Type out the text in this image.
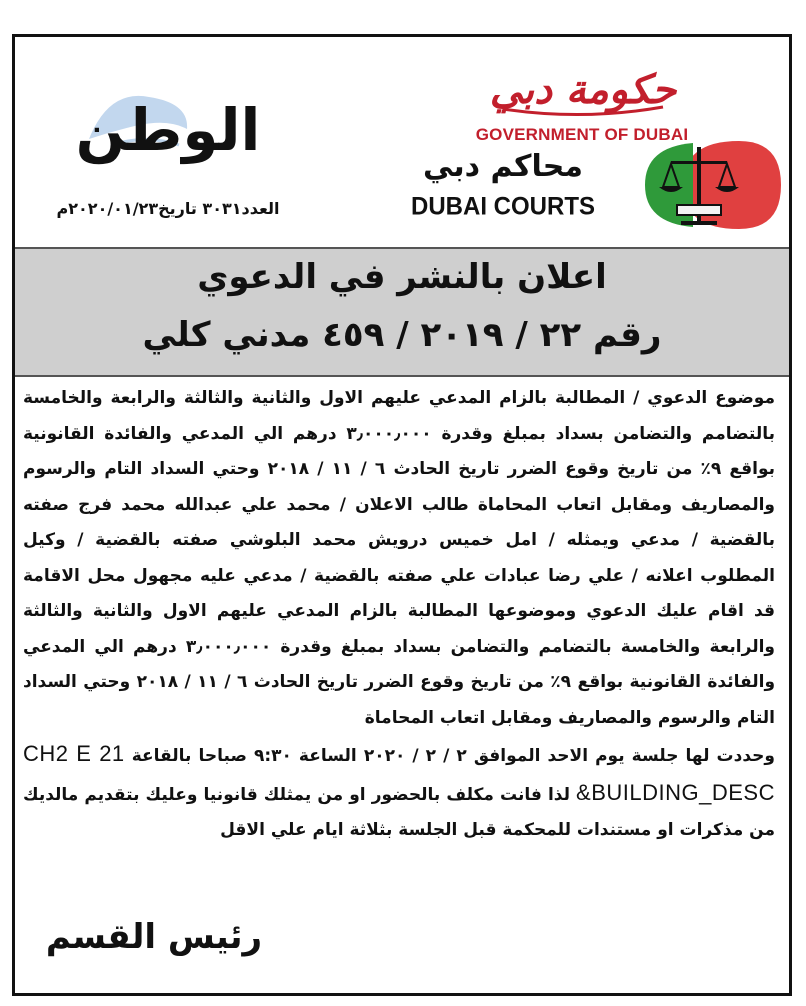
حكومة دبي
GOVERNMENT OF DUBAI
محاكم دبي
DUBAI COURTS
الوطن
العدد٣٠٣١ تاريخ٢٠٢٠/٠١/٢٣م
اعلان بالنشر في الدعوي
رقم ٢٢ / ٢٠١٩ / ٤٥٩ مدني كلي

موضوع الدعوي / المطالبة بالزام المدعي عليهم الاول والثانية والثالثة والرابعة والخامسة بالتضامم والتضامن بسداد بمبلغ وقدرة ٣٫٠٠٠٫٠٠٠ درهم الي المدعي والفائدة القانونية بواقع ٩٪ من تاريخ وقوع الضرر تاريخ الحادث ٦ / ١١ / ٢٠١٨ وحتي السداد التام والرسوم والمصاريف ومقابل اتعاب المحاماة طالب الاعلان / محمد علي عبدالله محمد فرج صفته بالقضية / مدعي ويمثله / امل خميس درويش محمد البلوشي صفته بالقضية / وكيل المطلوب اعلانه / علي رضا عبادات علي صفته بالقضية / مدعي عليه مجهول محل الاقامة قد اقام عليك الدعوي وموضوعها المطالبة بالزام المدعي عليهم الاول والثانية والثالثة والرابعة والخامسة بالتضامم والتضامن بسداد بمبلغ وقدرة ٣٫٠٠٠٫٠٠٠ درهم الي المدعي والفائدة القانونية بواقع ٩٪ من تاريخ وقوع الضرر تاريخ الحادث ٦ / ١١ / ٢٠١٨ وحتي السداد التام والرسوم والمصاريف ومقابل اتعاب المحاماة

وحددت لها جلسة يوم الاحد الموافق ٢ / ٢ / ٢٠٢٠ الساعة ٩:٣٠ صباحا بالقاعة CH2 E 21 &BUILDING_DESC لذا فانت مكلف بالحضور او من يمثلك قانونيا وعليك بتقديم مالديك من مذكرات او مستندات للمحكمة قبل الجلسة بثلاثة ايام علي الاقل

رئيس القسم
